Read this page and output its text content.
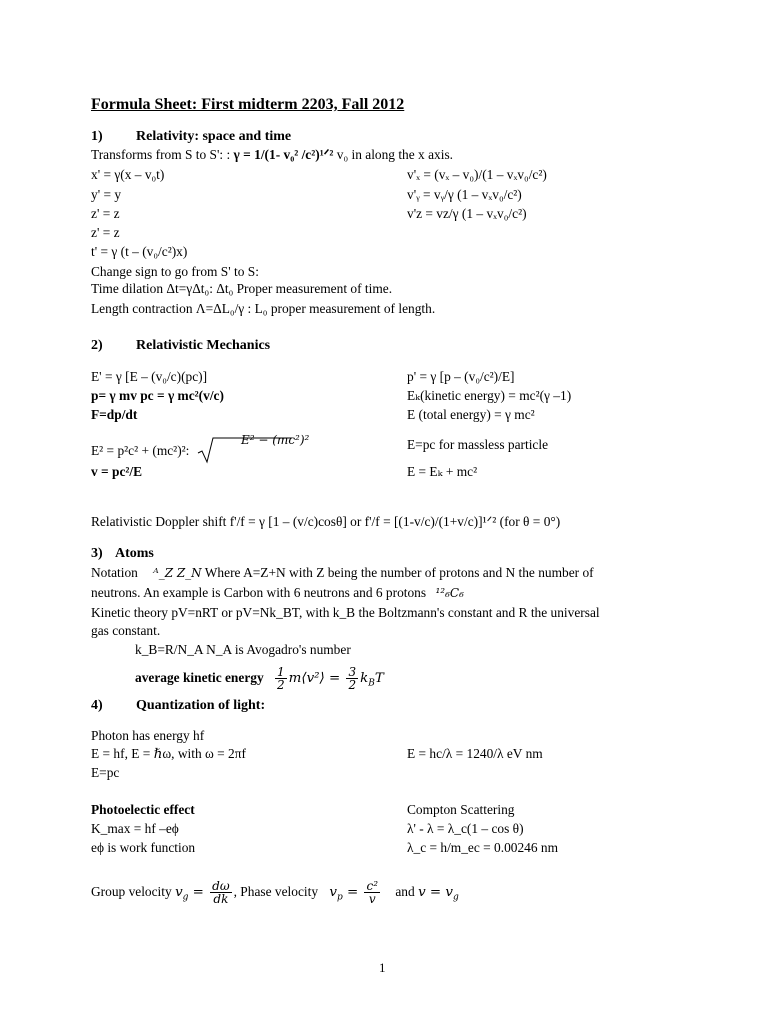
Formula Sheet: First midterm 2203, Fall 2012
1) Relativity: space and time
Transforms from S to S': : γ = 1/(1- v₀² /c²)¹ᐟ² v₀ in along the x axis.
x' = γ(x – v₀t)	v'ₓ = (vₓ – v₀)/(1 – vₓv₀/c²)
y' = y	v'ᵧ = vᵧ/γ (1 – vₓv₀/c²)
z' = z	v'z = vz/γ (1 – vₓv₀/c²)
z' = z
t' = γ (t – (v₀/c²)x)
Change sign to go from S' to S:
Time dilation Δt=γΔt₀: Δt₀ Proper measurement of time.
Length contraction Λ=ΔL₀/γ : L₀ proper measurement of length.
2) Relativistic Mechanics
E' = γ [E – (v₀/c)(pc)]	p' = γ [p – (v₀/c²)/E]
p= γ mv pc = γ mc²(v/c)	Eₖ(kinetic energy) = mc²(γ –1)
F=dp/dt	E (total energy) = γ mc²
E² = p²c² + (mc²)²:
E² − (mc²)²	E=pc for massless particle
v = pc²/E	E = Eₖ + mc²
Relativistic Doppler shift f'/f = γ [1 – (v/c)cosθ] or f'/f = [(1-v/c)/(1+v/c)]¹ᐟ² (for θ = 0°)
3) Atoms
Notation ᴬ_Z Z_N Where A=Z+N with Z being the number of protons and N the number of
neutrons. An example is Carbon with 6 neutrons and 6 protons ¹²₆C₆
Kinetic theory pV=nRT or pV=Nk_BT, with k_B the Boltzmann's constant and R the universal
gas constant.
k_B=R/N_A N_A is Avogadro's number
average kinetic energy $\frac{1}{2}$ m⟨v²⟩ = $\frac{3}{2} k_BT$
4) Quantization of light:
Photon has energy hf
E = hf, E = ℏω, with ω = 2πf	E = hc/λ = 1240/λ eV nm
E=pc
Photoelectic effect	Compton Scattering
K_max = hf –eϕ	λ' - λ = λ_c(1 – cos θ)
eϕ is work function	λ_c = h/m_ec = 0.00246 nm
Group velocity $v_g = \frac{d\omega}{dk}$ , Phase velocity $v_p = \frac{\text{c²}}{v}$ and $v = v_g$
1
